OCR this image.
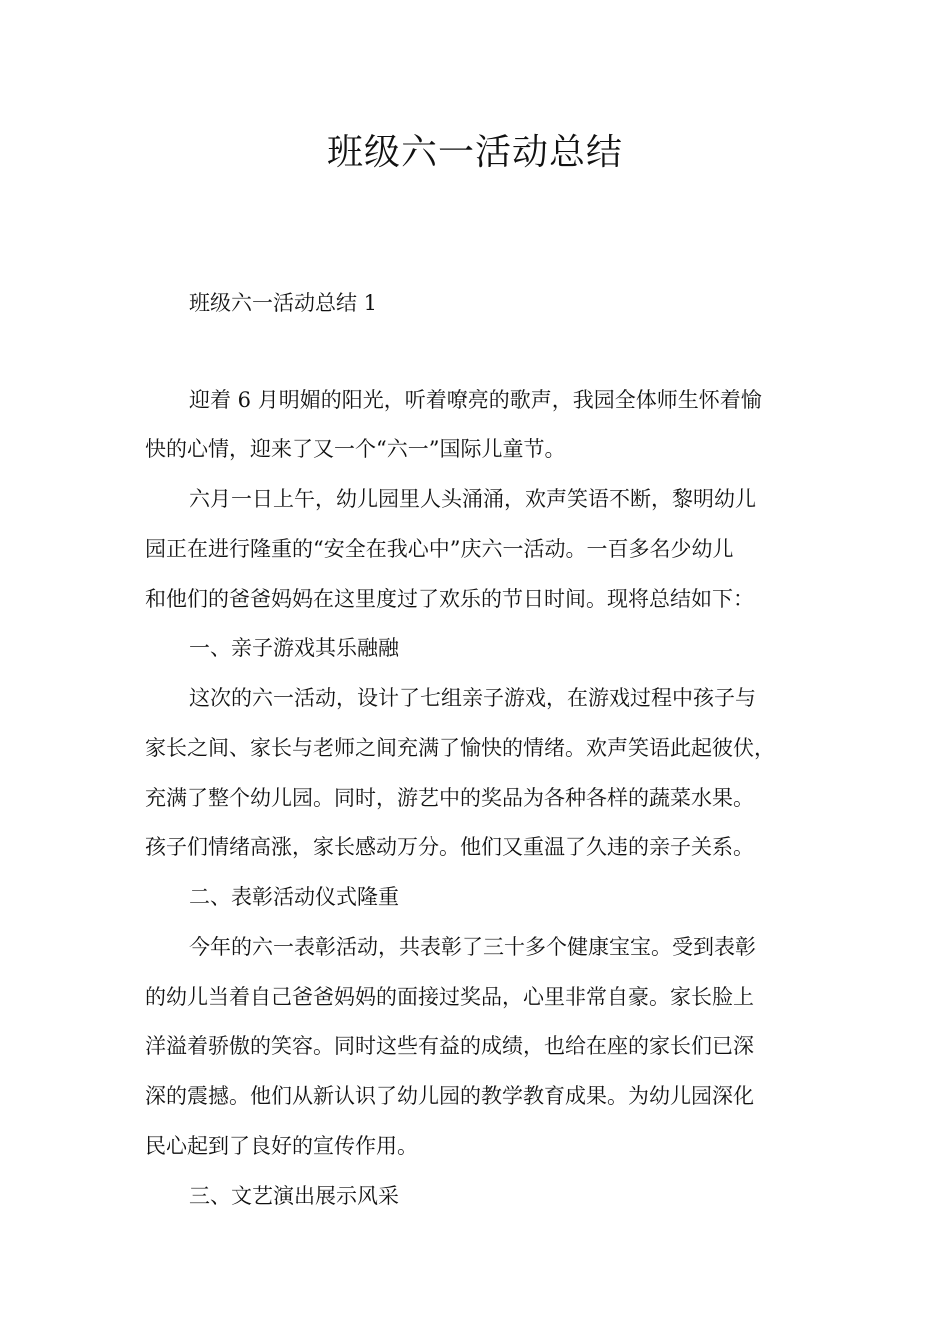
班级六一活动总结
班级六一活动总结 1
迎着 6 月明媚的阳光，听着嘹亮的歌声，我园全体师生怀着愉
快的心情，迎来了又一个“六一”国际儿童节。
六月一日上午，幼儿园里人头涌涌，欢声笑语不断，黎明幼儿
园正在进行隆重的“安全在我心中”庆六一活动。一百多名少幼儿
和他们的爸爸妈妈在这里度过了欢乐的节日时间。现将总结如下：
一、亲子游戏其乐融融
这次的六一活动，设计了七组亲子游戏，在游戏过程中孩子与
家长之间、家长与老师之间充满了愉快的情绪。欢声笑语此起彼伏，
充满了整个幼儿园。同时，游艺中的奖品为各种各样的蔬菜水果。
孩子们情绪高涨，家长感动万分。他们又重温了久违的亲子关系。
二、表彰活动仪式隆重
今年的六一表彰活动，共表彰了三十多个健康宝宝。受到表彰
的幼儿当着自己爸爸妈妈的面接过奖品，心里非常自豪。家长脸上
洋溢着骄傲的笑容。同时这些有益的成绩，也给在座的家长们已深
深的震撼。他们从新认识了幼儿园的教学教育成果。为幼儿园深化
民心起到了良好的宣传作用。
三、文艺演出展示风采
